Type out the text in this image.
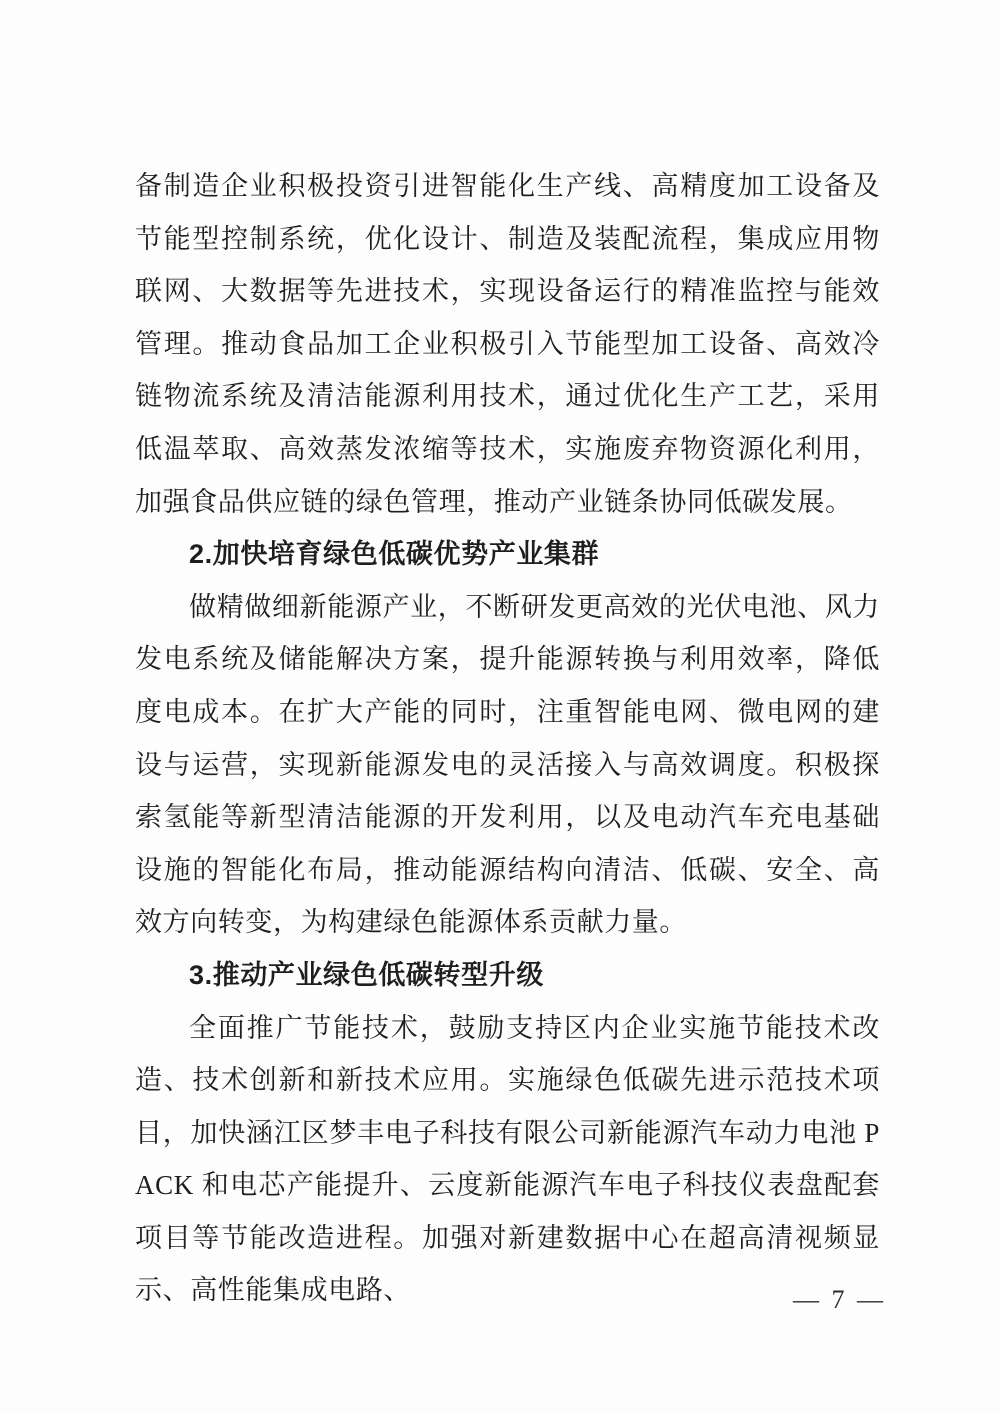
备制造企业积极投资引进智能化生产线、高精度加工设备及节能型控制系统，优化设计、制造及装配流程，集成应用物联网、大数据等先进技术，实现设备运行的精准监控与能效管理。推动食品加工企业积极引入节能型加工设备、高效冷链物流系统及清洁能源利用技术，通过优化生产工艺，采用低温萃取、高效蒸发浓缩等技术，实施废弃物资源化利用，加强食品供应链的绿色管理，推动产业链条协同低碳发展。

2.加快培育绿色低碳优势产业集群

做精做细新能源产业，不断研发更高效的光伏电池、风力发电系统及储能解决方案，提升能源转换与利用效率，降低度电成本。在扩大产能的同时，注重智能电网、微电网的建设与运营，实现新能源发电的灵活接入与高效调度。积极探索氢能等新型清洁能源的开发利用，以及电动汽车充电基础设施的智能化布局，推动能源结构向清洁、低碳、安全、高效方向转变，为构建绿色能源体系贡献力量。

3.推动产业绿色低碳转型升级

全面推广节能技术，鼓励支持区内企业实施节能技术改造、技术创新和新技术应用。实施绿色低碳先进示范技术项目，加快涵江区梦丰电子科技有限公司新能源汽车动力电池 PACK 和电芯产能提升、云度新能源汽车电子科技仪表盘配套项目等节能改造进程。加强对新建数据中心在超高清视频显示、高性能集成电路、	— 7 —
